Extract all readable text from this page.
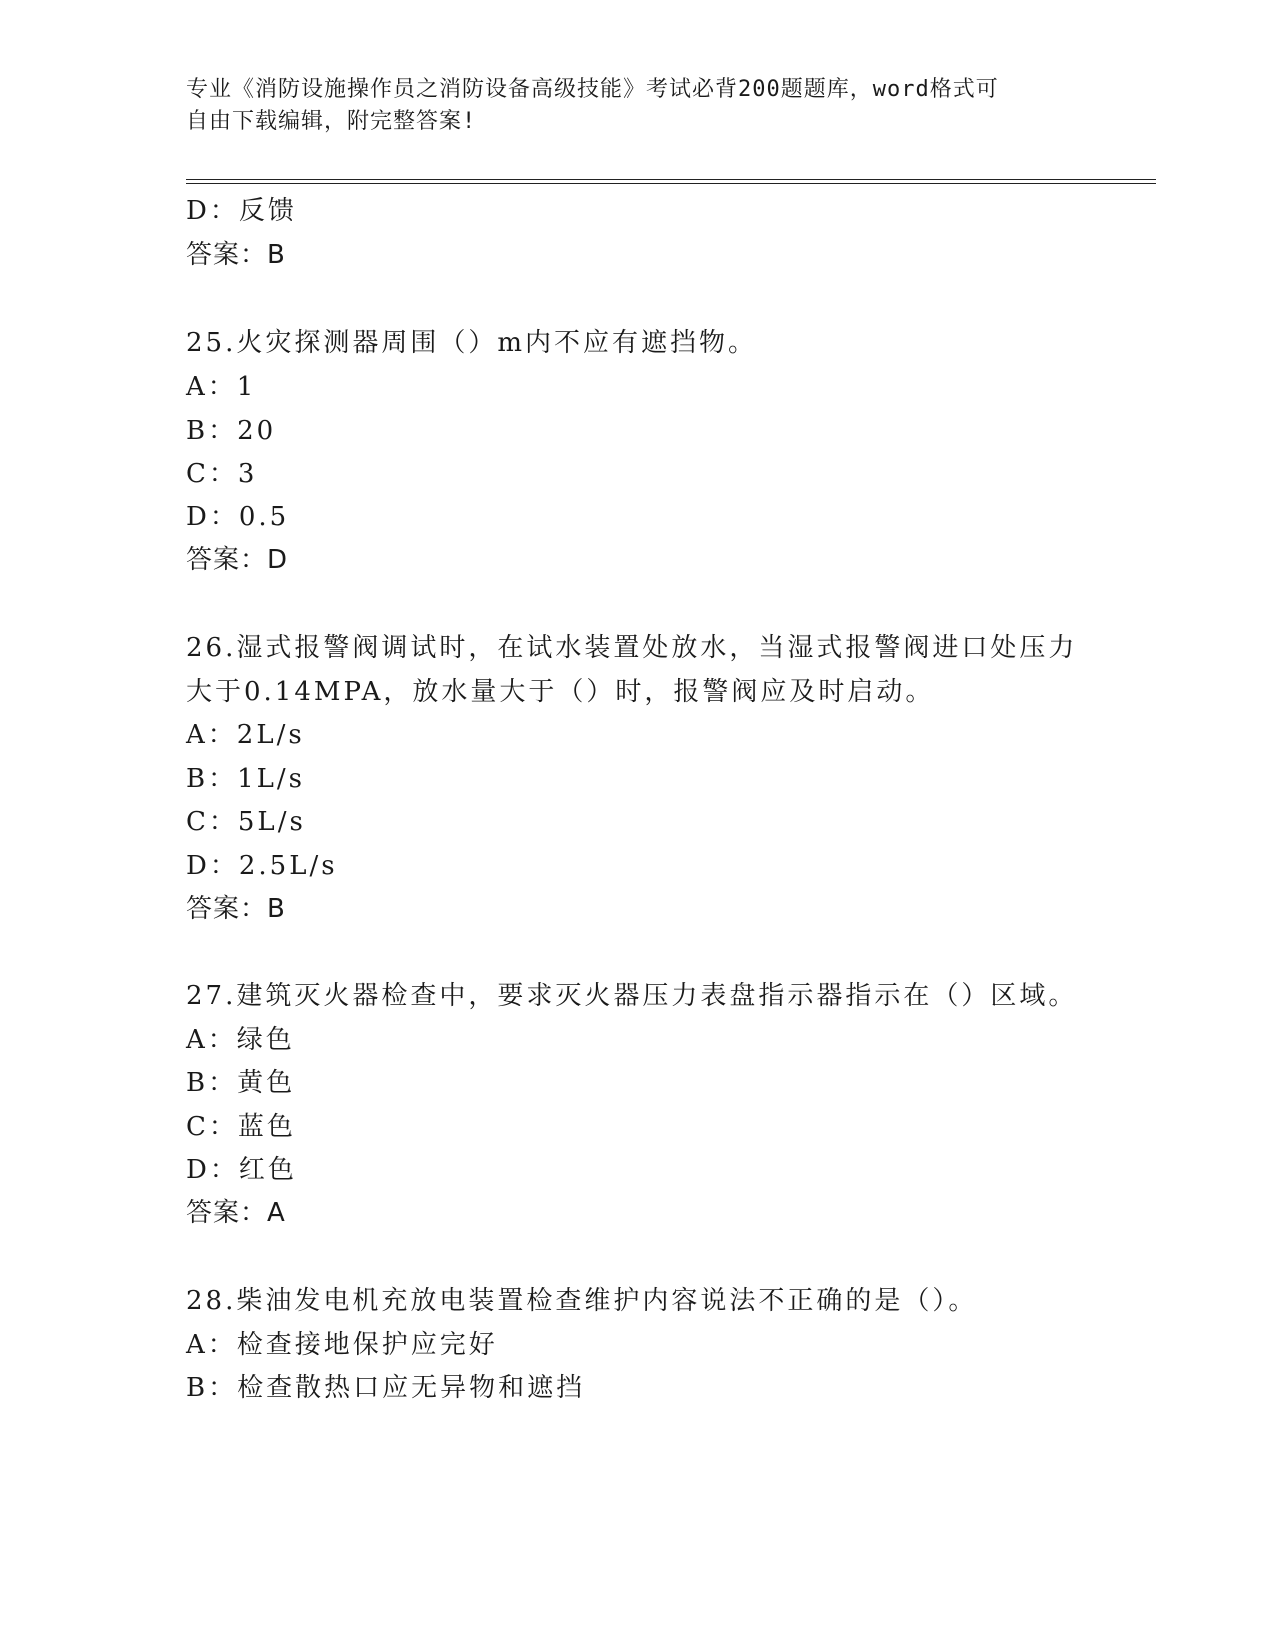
专业《消防设施操作员之消防设备高级技能》考试必背200题题库，word格式可
自由下载编辑，附完整答案!
D：反馈
答案：B
25.火灾探测器周围（）m内不应有遮挡物。
A：1
B：20
C：3
D：0.5
答案：D
26.湿式报警阀调试时，在试水装置处放水，当湿式报警阀进口处压力
大于0.14MPA，放水量大于（）时，报警阀应及时启动。
A：2L/s
B：1L/s
C：5L/s
D：2.5L/s
答案：B
27.建筑灭火器检查中，要求灭火器压力表盘指示器指示在（）区域。
A：绿色
B：黄色
C：蓝色
D：红色
答案：A
28.柴油发电机充放电装置检查维护内容说法不正确的是（）。
A：检查接地保护应完好
B：检查散热口应无异物和遮挡
